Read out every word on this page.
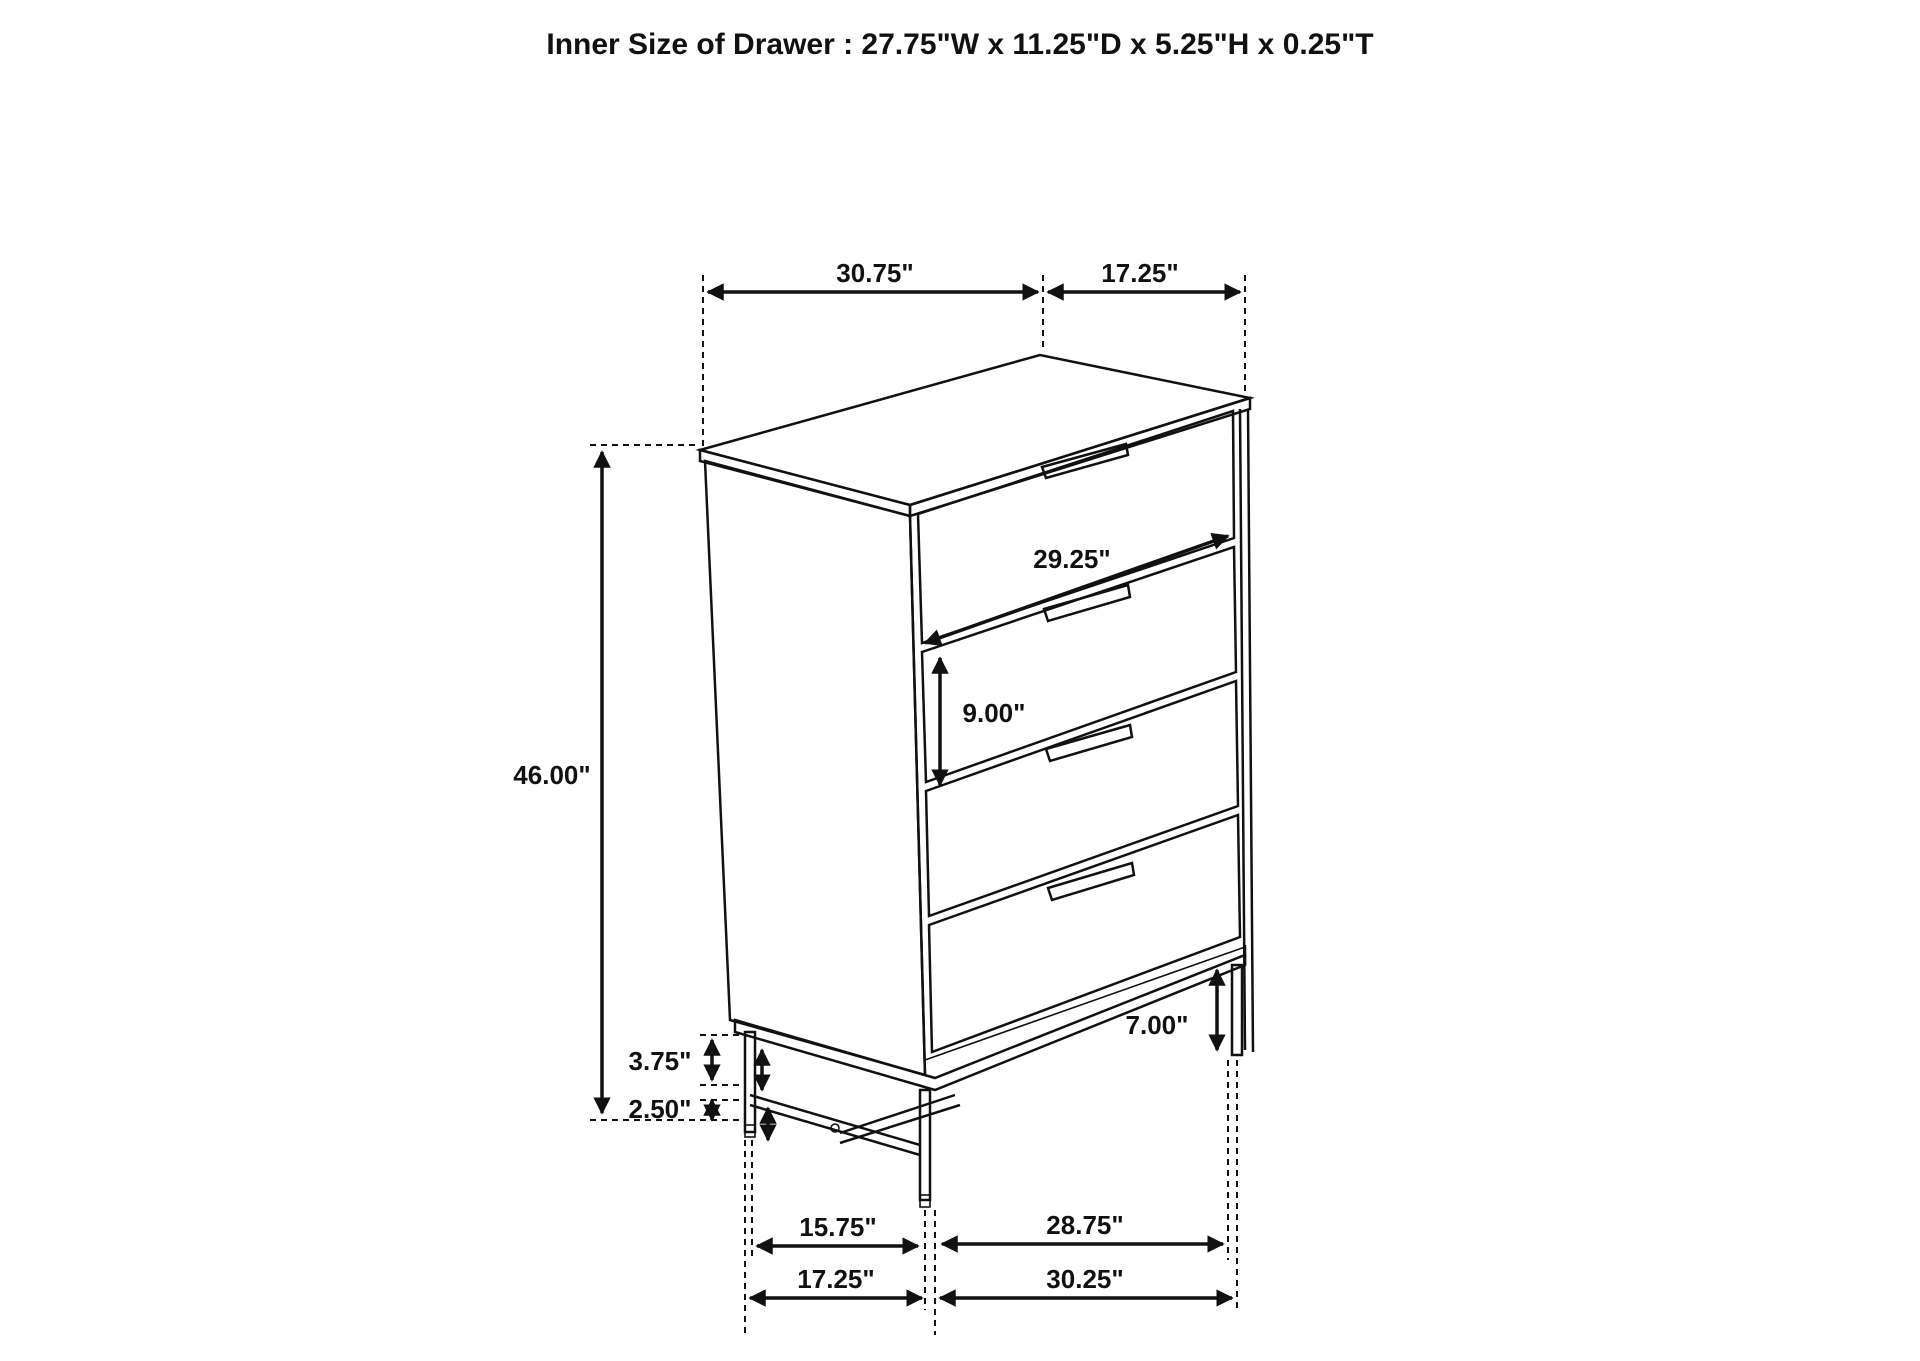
Inner Size of Drawer : 27.75"W x 11.25"D x 5.25"H x 0.25"T
30.75"	17.25"
46.00"
29.25"
9.00"
7.00"
3.75"
2.50"
15.75"	28.75"
17.25"	30.25"
